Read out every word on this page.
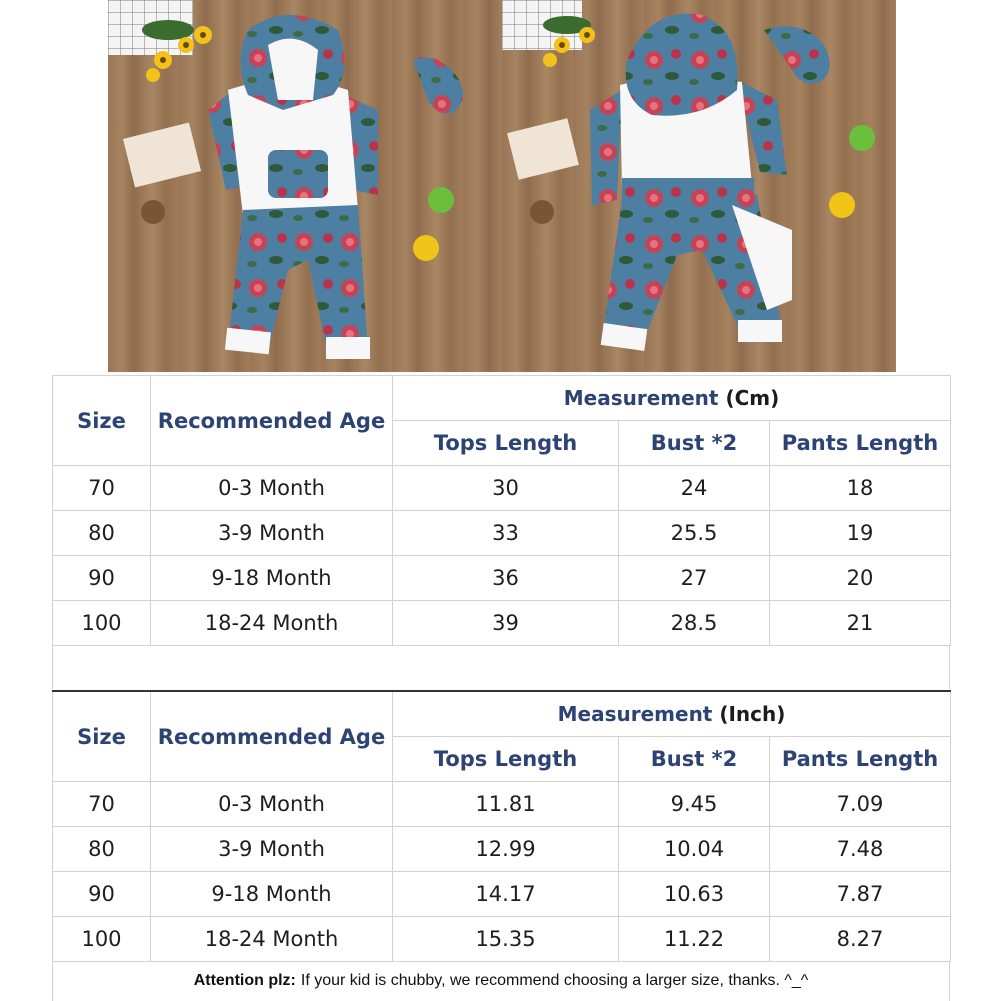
Size	Recommended Age	Measurement (Cm)		
		Tops Length	Bust *2	Pants Length
70	0-3 Month	30	24	18
80	3-9 Month	33	25.5	19
90	9-18 Month	36	27	20
100	18-24 Month	39	28.5	21
Size	Recommended Age	Measurement (Inch)		
		Tops Length	Bust *2	Pants Length
70	0-3 Month	11.81	9.45	7.09
80	3-9 Month	12.99	10.04	7.48
90	9-18 Month	14.17	10.63	7.87
100	18-24 Month	15.35	11.22	8.27
Attention plz: If your kid is chubby, we recommend choosing a larger size, thanks. ^_^
